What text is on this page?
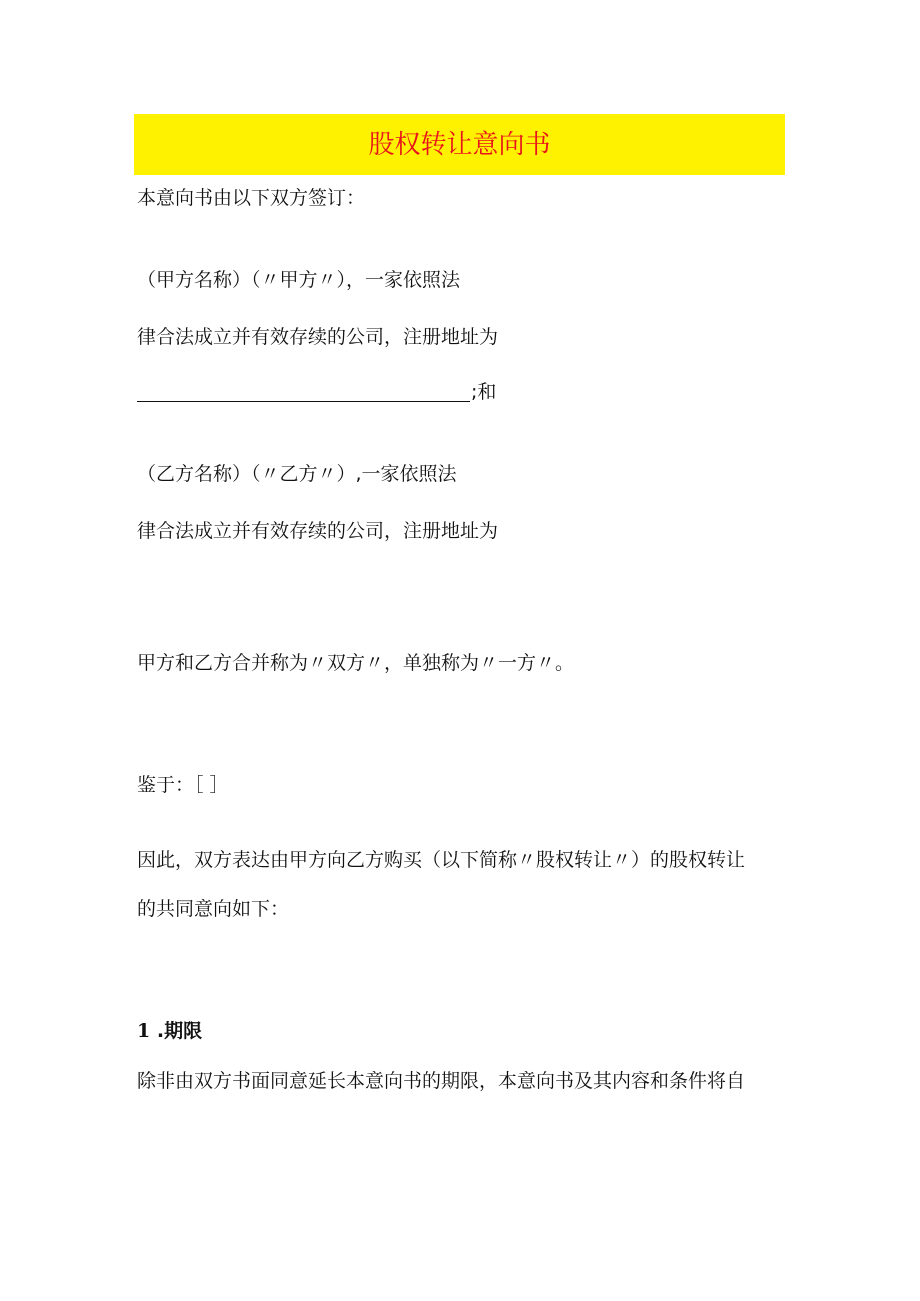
股权转让意向书
本意向书由以下双方签订：
（甲方名称）（〃甲方〃），一家依照法
律合法成立并有效存续的公司，注册地址为
;和
（乙方名称）（〃乙方〃）,一家依照法
律合法成立并有效存续的公司，注册地址为
甲方和乙方合并称为〃双方〃，单独称为〃一方〃。
鉴于：［ ］
因此，双方表达由甲方向乙方购买（以下简称〃股权转让〃）的股权转让
的共同意向如下：
1 .期限
除非由双方书面同意延长本意向书的期限，本意向书及其内容和条件将自
